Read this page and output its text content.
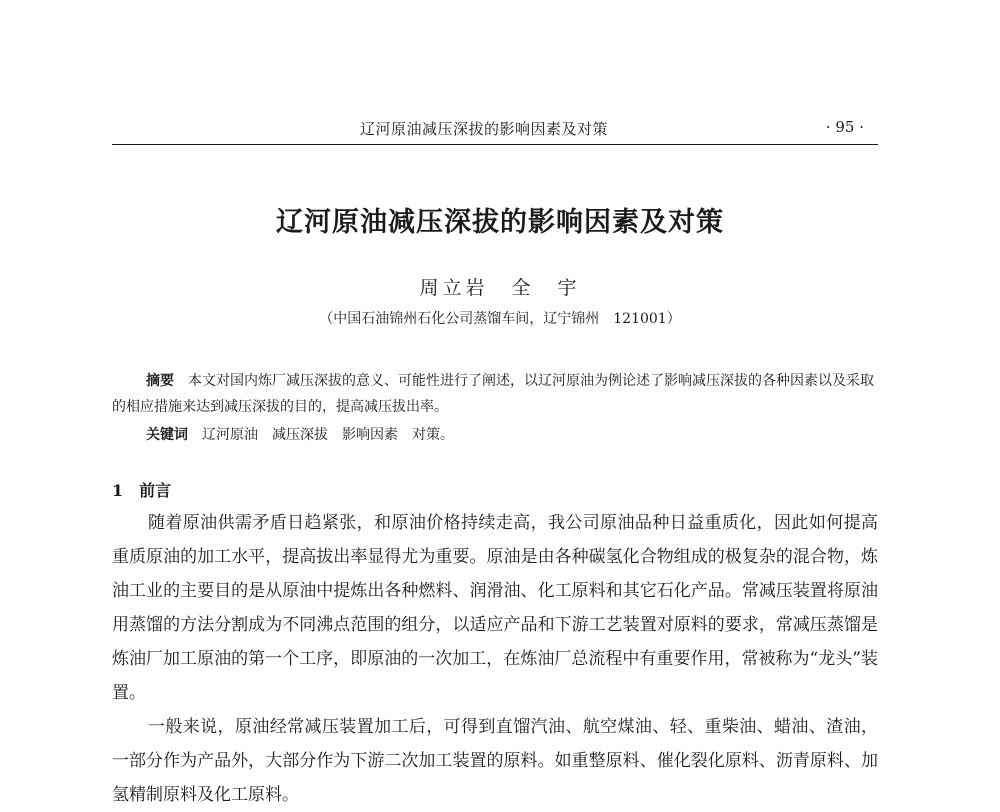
辽河原油减压深拔的影响因素及对策	· 95 ·
辽河原油减压深拔的影响因素及对策
周立岩　全　宇
（中国石油锦州石化公司蒸馏车间，辽宁锦州　121001）
摘要 本文对国内炼厂减压深拔的意义、可能性进行了阐述，以辽河原油为例论述了影响减压深拔的各种因素以及采取的相应措施来达到减压深拔的目的，提高减压拔出率。
关键词 辽河原油 减压深拔 影响因素 对策。
1 前言

随着原油供需矛盾日趋紧张，和原油价格持续走高，我公司原油品种日益重质化，因此如何提高重质原油的加工水平，提高拔出率显得尤为重要。原油是由各种碳氢化合物组成的极复杂的混合物，炼油工业的主要目的是从原油中提炼出各种燃料、润滑油、化工原料和其它石化产品。常减压装置将原油用蒸馏的方法分割成为不同沸点范围的组分，以适应产品和下游工艺装置对原料的要求，常减压蒸馏是炼油厂加工原油的第一个工序，即原油的一次加工，在炼油厂总流程中有重要作用，常被称为“龙头”装置。

一般来说，原油经常减压装置加工后，可得到直馏汽油、航空煤油、轻、重柴油、蜡油、渣油，一部分作为产品外，大部分作为下游二次加工装置的原料。如重整原料、催化裂化原料、沥青原料、加氢精制原料及化工原料。
